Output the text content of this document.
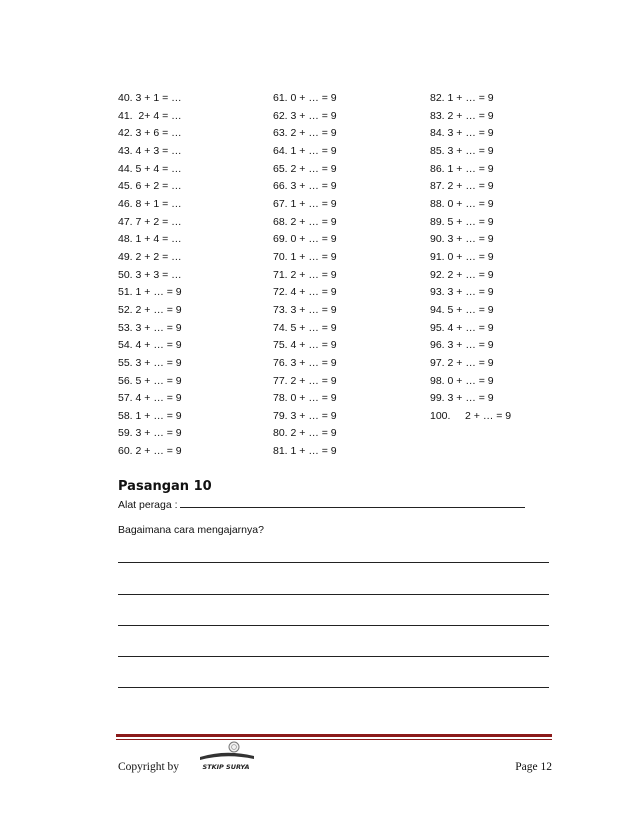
40. 3 + 1 = …
41.  2+ 4 = …
42. 3 + 6 = …
43. 4 + 3 = …
44. 5 + 4 = …
45. 6 + 2 = …
46. 8 + 1 = …
47. 7 + 2 = …
48. 1 + 4 = …
49. 2 + 2 = …
50. 3 + 3 = …
51. 1 + … = 9
52. 2 + … = 9
53. 3 + … = 9
54. 4 + … = 9
55. 3 + … = 9
56. 5 + … = 9
57. 4 + … = 9
58. 1 + … = 9
59. 3 + … = 9
60. 2 + … = 9
61. 0 + … = 9
62. 3 + … = 9
63. 2 + … = 9
64. 1 + … = 9
65. 2 + … = 9
66. 3 + … = 9
67. 1 + … = 9
68. 2 + … = 9
69. 0 + … = 9
70. 1 + … = 9
71. 2 + … = 9
72. 4 + … = 9
73. 3 + … = 9
74. 5 + … = 9
75. 4 + … = 9
76. 3 + … = 9
77. 2 + … = 9
78. 0 + … = 9
79. 3 + … = 9
80. 2 + … = 9
81. 1 + … = 9
82. 1 + … = 9
83. 2 + … = 9
84. 3 + … = 9
85. 3 + … = 9
86. 1 + … = 9
87. 2 + … = 9
88. 0 + … = 9
89. 5 + … = 9
90. 3 + … = 9
91. 0 + … = 9
92. 2 + … = 9
93. 3 + … = 9
94. 5 + … = 9
95. 4 + … = 9
96. 3 + … = 9
97. 2 + … = 9
98. 0 + … = 9
99. 3 + … = 9
100.     2 + … = 9
Pasangan 10
Alat peraga :
Bagaimana cara mengajarnya?
Copyright by	STKIP SURYA	Page 12
